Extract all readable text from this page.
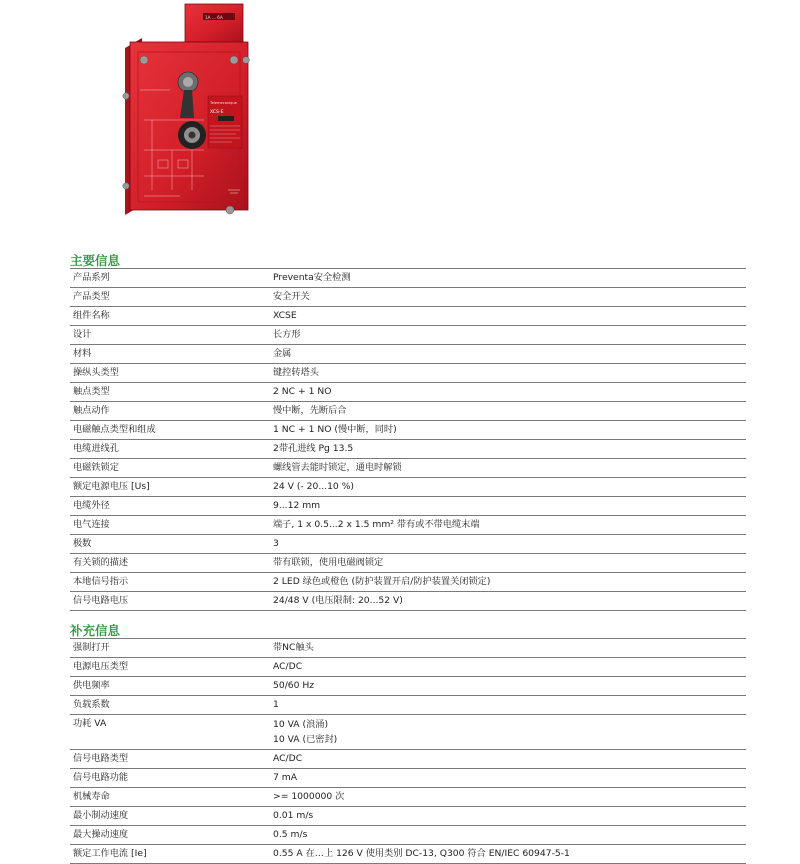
1A ... 6A
Telemecanique
XCS-E
主要信息
产品系列	Preventa安全检测
产品类型	安全开关
组件名称	XCSE
设计	长方形
材料	金属
操纵头类型	键控转塔头
触点类型	2 NC + 1 NO
触点动作	慢中断，先断后合
电磁触点类型和组成	1 NC + 1 NO (慢中断，同时)
电缆进线孔	2带孔进线 Pg 13.5
电磁铁锁定	螺线管去能时锁定，通电时解锁
额定电源电压 [Us]	24 V (- 20...10 %)
电缆外径	9...12 mm
电气连接	端子, 1 x 0.5...2 x 1.5 mm² 带有或不带电缆末端
极数	3
有关锁的描述	带有联锁，使用电磁阀锁定
本地信号指示	2 LED 绿色或橙色 (防护装置开启/防护装置关闭锁定)
信号电路电压	24/48 V (电压限制: 20...52 V)
补充信息
强制打开	带NC触头
电源电压类型	AC/DC
供电频率	50/60 Hz
负载系数	1
功耗 VA	10 VA (浪涌)
10 VA (已密封)
信号电路类型	AC/DC
信号电路功能	7 mA
机械寿命	>= 1000000 次
最小制动速度	0.01 m/s
最大操动速度	0.5 m/s
额定工作电流 [Ie]	0.55 A 在…上 126 V 使用类别 DC-13, Q300 符合 EN/IEC 60947-5-1
